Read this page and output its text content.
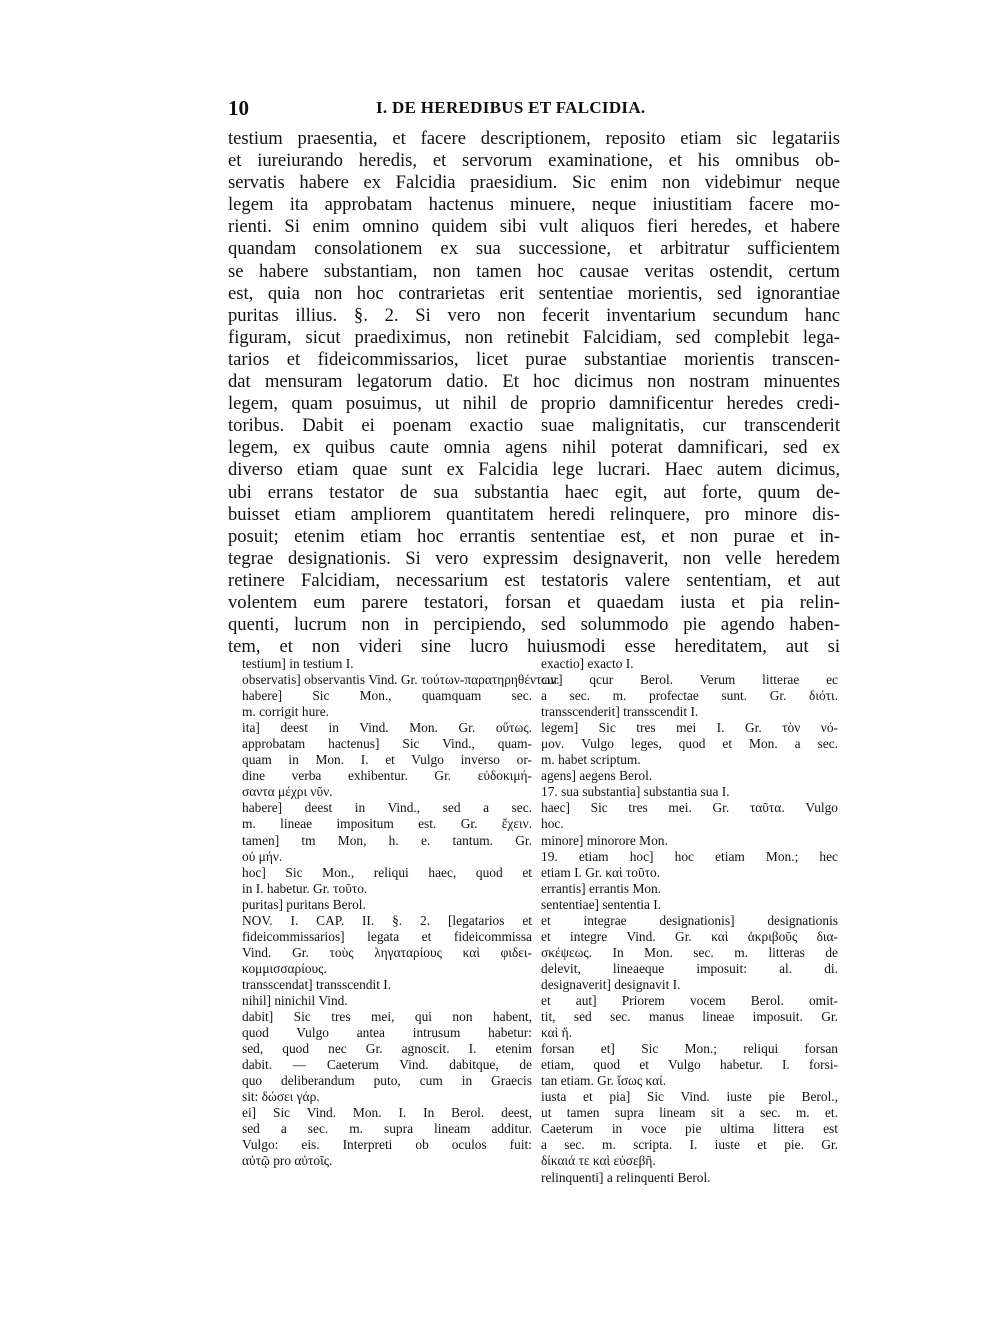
10	I. DE HEREDIBUS ET FALCIDIA.
testium praesentia, et facere descriptionem, reposito etiam sic legatariis
et iureiurando heredis, et servorum examinatione, et his omnibus ob-
servatis habere ex Falcidia praesidium. Sic enim non videbimur neque
legem ita approbatam hactenus minuere, neque iniustitiam facere mo-
rienti. Si enim omnino quidem sibi vult aliquos fieri heredes, et habere
quandam consolationem ex sua successione, et arbitratur sufficientem
se habere substantiam, non tamen hoc causae veritas ostendit, certum
est, quia non hoc contrarietas erit sententiae morientis, sed ignorantiae
puritas illius. §. 2. Si vero non fecerit inventarium secundum hanc
figuram, sicut praediximus, non retinebit Falcidiam, sed complebit lega-
tarios et fideicommissarios, licet purae substantiae morientis transcen-
dat mensuram legatorum datio. Et hoc dicimus non nostram minuentes
legem, quam posuimus, ut nihil de proprio damnificentur heredes credi-
toribus. Dabit ei poenam exactio suae malignitatis, cur transcenderit
legem, ex quibus caute omnia agens nihil poterat damnificari, sed ex
diverso etiam quae sunt ex Falcidia lege lucrari. Haec autem dicimus,
ubi errans testator de sua substantia haec egit, aut forte, quum de-
buisset etiam ampliorem quantitatem heredi relinquere, pro minore dis-
posuit; etenim etiam hoc errantis sententiae est, et non purae et in-
tegrae designationis. Si vero expressim designaverit, non velle heredem
retinere Falcidiam, necessarium est testatoris valere sententiam, et aut
volentem eum parere testatori, forsan et quaedam iusta et pia relin-
quenti, lucrum non in percipiendo, sed solummodo pie agendo haben-
tem, et non videri sine lucro huiusmodi esse hereditatem, aut si

testium] in testium I.

observatis] observantis Vind. Gr. τούτων-παρατηρηθέντων.

habere] Sic Mon., quamquam sec.

m. corrigit hure.

ita] deest in Vind. Mon. Gr. οὕτως.

approbatam hactenus] Sic Vind., quam-

quam in Mon. I. et Vulgo inverso or-

dine verba exhibentur. Gr. εὐδοκιμή-

σαντα μέχρι νῦν.

habere] deest in Vind., sed a sec.

m. lineae impositum est. Gr. ἔχειν.

tamen] tm Mon, h. e. tantum. Gr.

οὐ μήν.

hoc] Sic Mon., reliqui haec, quod et

in I. habetur. Gr. τοῦτο.

puritas] puritans Berol.

NOV. I. CAP. II. §. 2. [legatarios et

fideicommissarios] legata et fideicommissa

Vind. Gr. τοὺς ληγαταρίους καὶ φιδει-

κομμισσαρίους.

transscendat] transscendit I.

nihil] ninichil Vind.

dabit] Sic tres mei, qui non habent,

quod Vulgo antea intrusum habetur:

sed, quod nec Gr. agnoscit. I. etenim

dabit. — Caeterum Vind. dabitque, de

quo deliberandum puto, cum in Graecis

sit: δώσει γάρ.

ei] Sic Vind. Mon. I. In Berol. deest,

sed a sec. m. supra lineam additur.

Vulgo: eis. Interpreti ob oculos fuit:

αὐτῷ pro αὐτοῖς.

exactio] exacto I.

cur] qcur Berol. Verum litterae ec

a sec. m. profectae sunt. Gr. διότι.

transscenderit] transscendit I.

legem] Sic tres mei I. Gr. τὸν νό-

μον. Vulgo leges, quod et Mon. a sec.

m. habet scriptum.

agens] aegens Berol.

17. sua substantia] substantia sua I.

haec] Sic tres mei. Gr. ταῦτα. Vulgo

hoc.

minore] minorore Mon.

19. etiam hoc] hoc etiam Mon.; hec

etiam I. Gr. καὶ τοῦτο.

errantis] errantis Mon.

sententiae] sententia I.

et integrae designationis] designationis

et integre Vind. Gr. καὶ ἀκριβοῦς δια-

σκέψεως. In Mon. sec. m. litteras de

delevit, lineaeque imposuit: al. di.

designaverit] designavit I.

et aut] Priorem vocem Berol. omit-

tit, sed sec. manus lineae imposuit. Gr.

καὶ ἤ.

forsan et] Sic Mon.; reliqui forsan

etiam, quod et Vulgo habetur. I. forsi-

tan etiam. Gr. ἴσως καί.

iusta et pia] Sic Vind. iuste pie Berol.,

ut tamen supra lineam sit a sec. m. et.

Caeterum in voce pie ultima littera est

a sec. m. scripta. I. iuste et pie. Gr.

δίκαιά τε καὶ εὐσεβῆ.

relinquenti] a relinquenti Berol.
